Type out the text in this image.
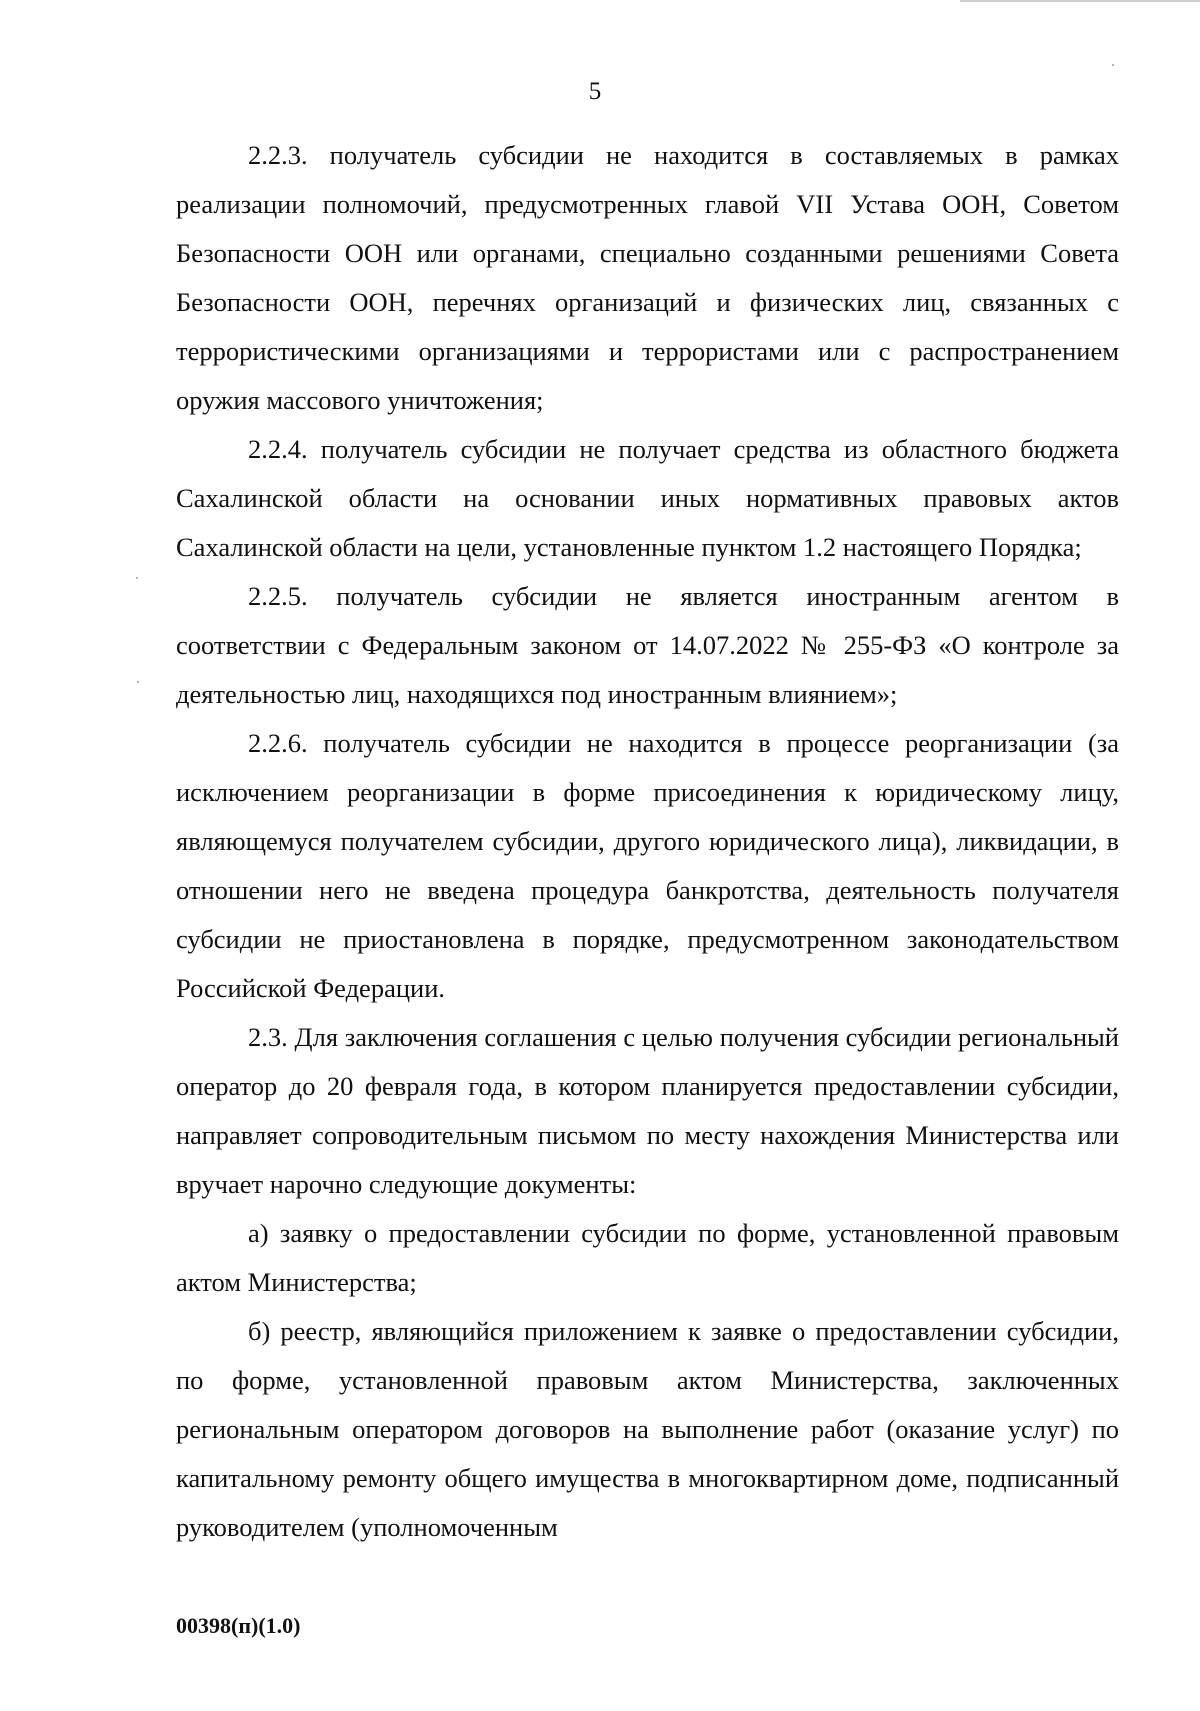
5

2.2.3. получатель субсидии не находится в составляемых в рамках реализации полномочий, предусмотренных главой VII Устава ООН, Советом Безопасности ООН или органами, специально созданными решениями Совета Безопасности ООН, перечнях организаций и физических лиц, связанных с террористическими организациями и террористами или с распространением оружия массового уничтожения;

2.2.4. получатель субсидии не получает средства из областного бюджета Сахалинской области на основании иных нормативных правовых актов Сахалинской области на цели, установленные пунктом 1.2 настоящего Порядка;

2.2.5. получатель субсидии не является иностранным агентом в соответствии с Федеральным законом от 14.07.2022 № 255-ФЗ «О контроле за деятельностью лиц, находящихся под иностранным влиянием»;

2.2.6. получатель субсидии не находится в процессе реорганизации (за исключением реорганизации в форме присоединения к юридическому лицу, являющемуся получателем субсидии, другого юридического лица), ликвидации, в отношении него не введена процедура банкротства, деятельность получателя субсидии не приостановлена в порядке, предусмотренном законодательством Российской Федерации.

2.3. Для заключения соглашения с целью получения субсидии региональный оператор до 20 февраля года, в котором планируется предоставлении субсидии, направляет сопроводительным письмом по месту нахождения Министерства или вручает нарочно следующие документы:

а) заявку о предоставлении субсидии по форме, установленной правовым актом Министерства;

б) реестр, являющийся приложением к заявке о предоставлении субсидии, по форме, установленной правовым актом Министерства, заключенных региональным оператором договоров на выполнение работ (оказание услуг) по капитальному ремонту общего имущества в многоквартирном доме, подписанный руководителем (уполномоченным

00398(п)(1.0)
